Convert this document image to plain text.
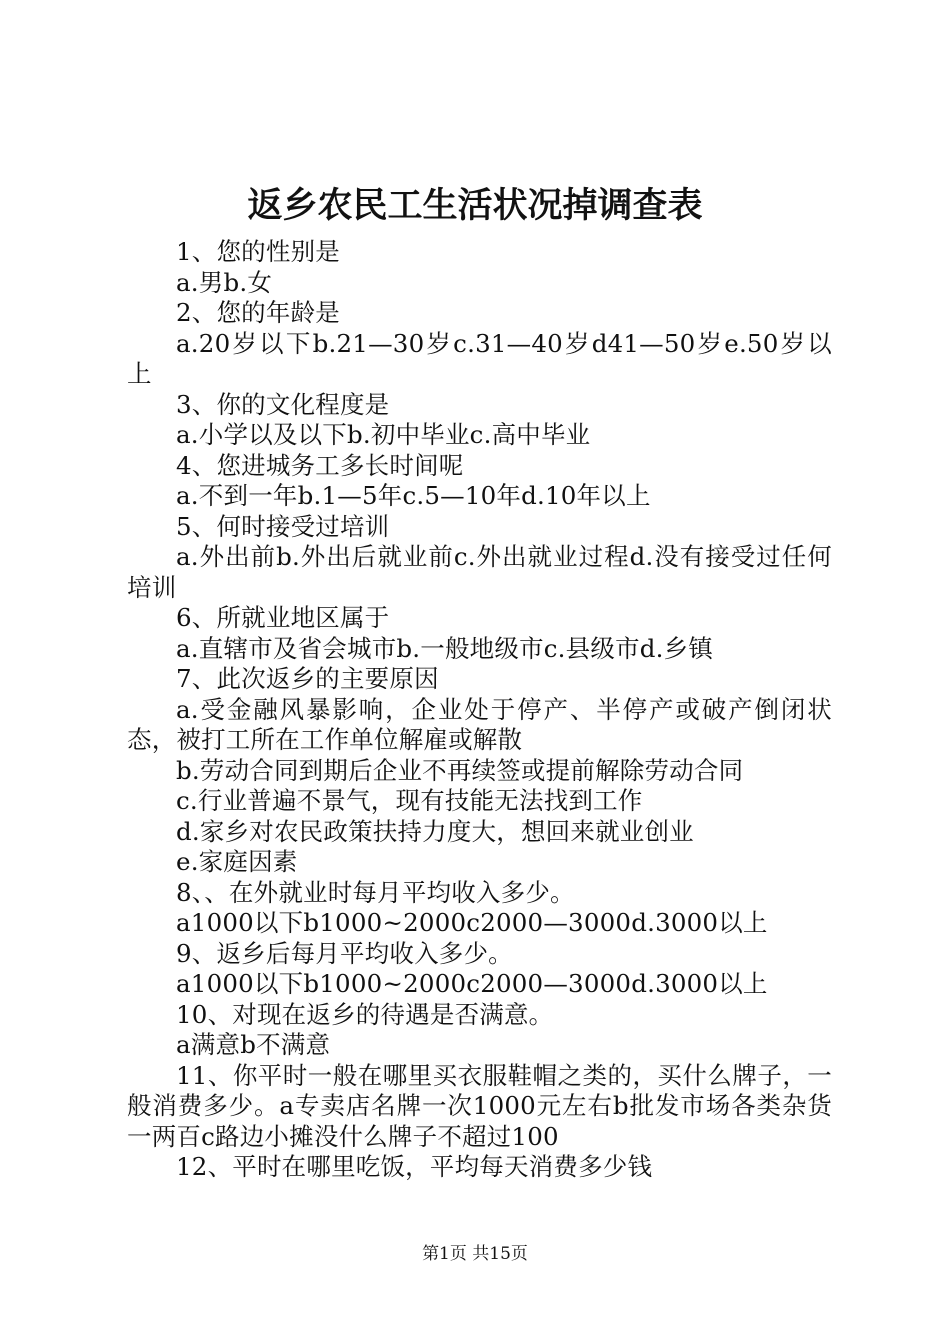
返乡农民工生活状况掉调查表

1、您的性别是

a.男b.女

2、您的年龄是

a.20岁以下b.21—30岁c.31—40岁d41—50岁e.50岁以上

3、你的文化程度是

a.小学以及以下b.初中毕业c.高中毕业

4、您进城务工多长时间呢

a.不到一年b.1—5年c.5—10年d.10年以上

5、何时接受过培训

a.外出前b.外出后就业前c.外出就业过程d.没有接受过任何培训

6、所就业地区属于

a.直辖市及省会城市b.一般地级市c.县级市d.乡镇

7、此次返乡的主要原因

a.受金融风暴影响，企业处于停产、半停产或破产倒闭状态，被打工所在工作单位解雇或解散

b.劳动合同到期后企业不再续签或提前解除劳动合同

c.行业普遍不景气，现有技能无法找到工作

d.家乡对农民政策扶持力度大，想回来就业创业

e.家庭因素

8、、在外就业时每月平均收入多少。

a1000以下b1000~2000c2000—3000d.3000以上

9、返乡后每月平均收入多少。

a1000以下b1000~2000c2000—3000d.3000以上

10、对现在返乡的待遇是否满意。

a满意b不满意

11、你平时一般在哪里买衣服鞋帽之类的，买什么牌子，一般消费多少。a专卖店名牌一次1000元左右b批发市场各类杂货一两百c路边小摊没什么牌子不超过100

12、平时在哪里吃饭，平均每天消费多少钱

第1页 共15页
